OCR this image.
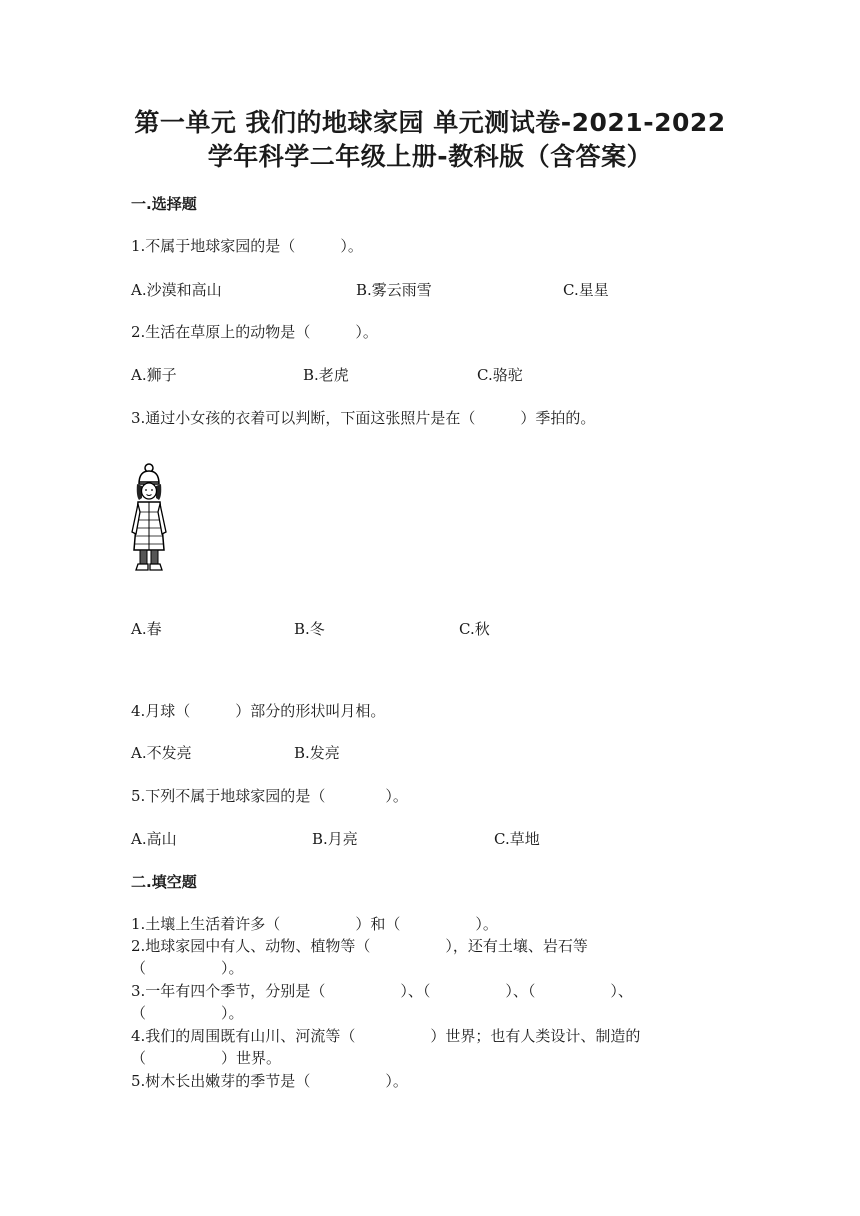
第一单元 我们的地球家园 单元测试卷-2021-2022
学年科学二年级上册-教科版（含答案）
一.选择题
1.不属于地球家园的是（　　　）。
A.沙漠和高山	B.雾云雨雪	C.星星
2.生活在草原上的动物是（　　　）。
A.狮子	B.老虎	C.骆驼
3.通过小女孩的衣着可以判断，下面这张照片是在（　　　）季拍的。
A.春	B.冬	C.秋
4.月球（　　　）部分的形状叫月相。
A.不发亮	B.发亮
5.下列不属于地球家园的是（　　　　）。
A.高山	B.月亮	C.草地
二.填空题
1.土壤上生活着许多（　　　　　）和（　　　　　）。
2.地球家园中有人、动物、植物等（　　　　　），还有土壤、岩石等
（　　　　　）。
3.一年有四个季节，分别是（　　　　　）、（　　　　　）、（　　　　　）、
（　　　　　）。
4.我们的周围既有山川、河流等（　　　　　）世界；也有人类设计、制造的
（　　　　　）世界。
5.树木长出嫩芽的季节是（　　　　　）。
